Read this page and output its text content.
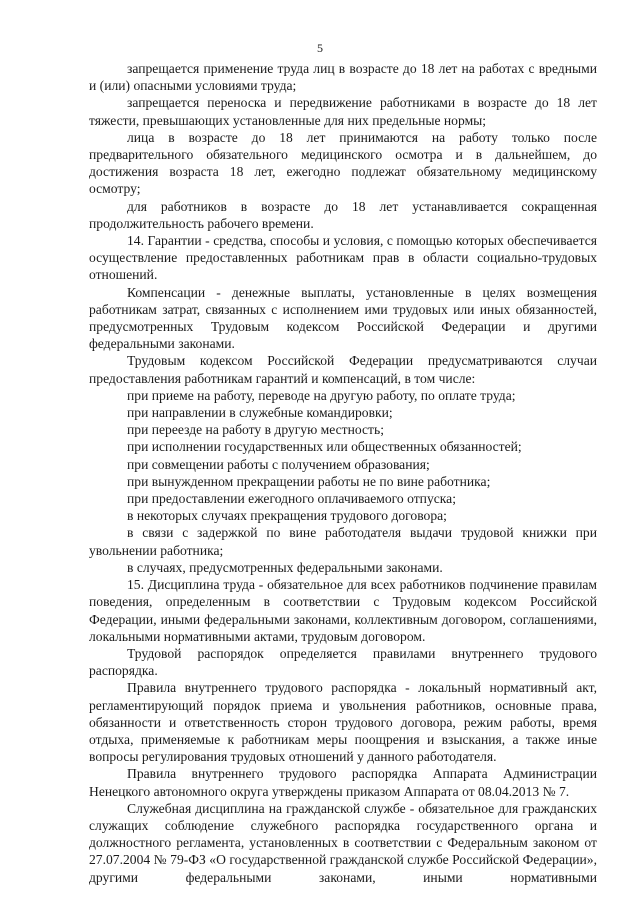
5

запрещается применение труда лиц в возрасте до 18 лет на работах с вредными и (или) опасными условиями труда;

запрещается переноска и передвижение работниками в возрасте до 18 лет тяжести, превышающих установленные для них предельные нормы;

лица в возрасте до 18 лет принимаются на работу только после предварительного обязательного медицинского осмотра и в дальнейшем, до достижения возраста 18 лет, ежегодно подлежат обязательному медицинскому осмотру;

для работников в возрасте до 18 лет устанавливается сокращенная продолжительность рабочего времени.

14. Гарантии - средства, способы и условия, с помощью которых обеспечивается осуществление предоставленных работникам прав в области социально-трудовых отношений.

Компенсации - денежные выплаты, установленные в целях возмещения работникам затрат, связанных с исполнением ими трудовых или иных обязанностей, предусмотренных Трудовым кодексом Российской Федерации и другими федеральными законами.

Трудовым кодексом Российской Федерации предусматриваются случаи предоставления работникам гарантий и компенсаций, в том числе:

при приеме на работу, переводе на другую работу, по оплате труда;

при направлении в служебные командировки;

при переезде на работу в другую местность;

при исполнении государственных или общественных обязанностей;

при совмещении работы с получением образования;

при вынужденном прекращении работы не по вине работника;

при предоставлении ежегодного оплачиваемого отпуска;

в некоторых случаях прекращения трудового договора;

в связи с задержкой по вине работодателя выдачи трудовой книжки при увольнении работника;

в случаях, предусмотренных федеральными законами.

15. Дисциплина труда - обязательное для всех работников подчинение правилам поведения, определенным в соответствии с Трудовым кодексом Российской Федерации, иными федеральными законами, коллективным договором, соглашениями, локальными нормативными актами, трудовым договором.

Трудовой распорядок определяется правилами внутреннего трудового распорядка.

Правила внутреннего трудового распорядка - локальный нормативный акт, регламентирующий порядок приема и увольнения работников, основные права, обязанности и ответственность сторон трудового договора, режим работы, время отдыха, применяемые к работникам меры поощрения и взыскания, а также иные вопросы регулирования трудовых отношений у данного работодателя.

Правила внутреннего трудового распорядка Аппарата Администрации Ненецкого автономного округа утверждены приказом Аппарата от 08.04.2013 № 7.

Служебная дисциплина на гражданской службе - обязательное для гражданских служащих соблюдение служебного распорядка государственного органа и должностного регламента, установленных в соответствии с Федеральным законом от 27.07.2004 № 79-ФЗ «О государственной гражданской службе Российской Федерации», другими федеральными законами, иными нормативными
